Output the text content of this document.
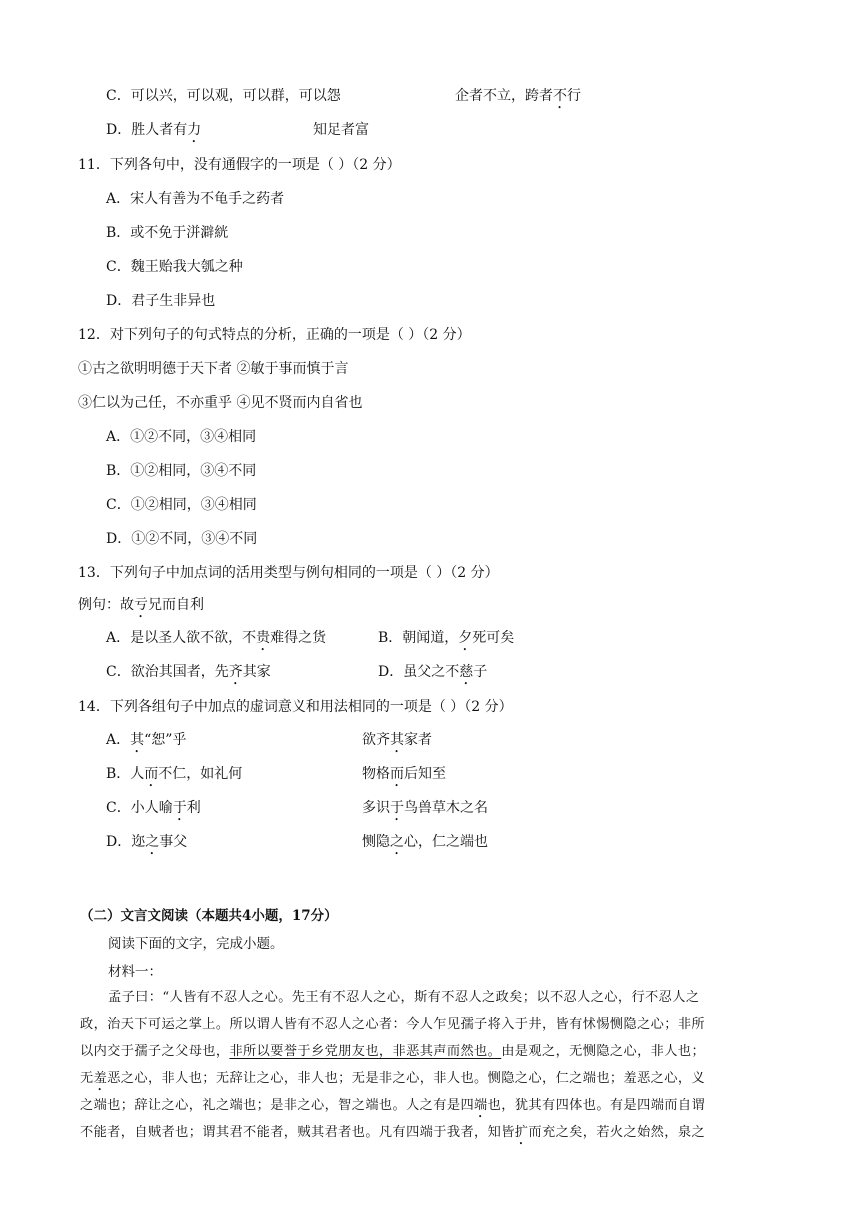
C．可以兴，可以观，可以群，可以怨	企者不立，跨者不行
D．胜人者有力	知足者富
11．下列各句中，没有通假字的一项是（ ）（2 分）
A．宋人有善为不龟手之药者
B．或不免于洴澼絖
C．魏王贻我大瓠之种
D．君子生非异也
12．对下列句子的句式特点的分析，正确的一项是（ ）（2 分）
①古之欲明明德于天下者 ②敏于事而慎于言
③仁以为己任，不亦重乎 ④见不贤而内自省也
A．①②不同，③④相同
B．①②相同，③④不同
C．①②相同，③④相同
D．①②不同，③④不同
13．下列句子中加点词的活用类型与例句相同的一项是（ ）（2 分）
例句：故亏兄而自利
A．是以圣人欲不欲，不贵难得之货	B．朝闻道，夕死可矣
C．欲治其国者，先齐其家	D．虽父之不慈子
14．下列各组句子中加点的虚词意义和用法相同的一项是（ ）（2 分）
A．其“恕”乎	欲齐其家者
B．人而不仁，如礼何	物格而后知至
C．小人喻于利	多识于鸟兽草木之名
D．迩之事父	恻隐之心，仁之端也
（二）文言文阅读（本题共4小题，17分）
阅读下面的文字，完成小题。
材料一：
孟子曰：“人皆有不忍人之心。先王有不忍人之心，斯有不忍人之政矣；以不忍人之心，行不忍人之
政，治天下可运之掌上。所以谓人皆有不忍人之心者：今人乍见孺子将入于井，皆有怵惕恻隐之心；非所
以内交于孺子之父母也，非所以要誉于乡党朋友也，非恶其声而然也。由是观之，无恻隐之心，非人也；
无羞恶之心，非人也；无辞让之心，非人也；无是非之心，非人也。恻隐之心，仁之端也；羞恶之心，义
之端也；辞让之心，礼之端也；是非之心，智之端也。人之有是四端也，犹其有四体也。有是四端而自谓
不能者，自贼者也；谓其君不能者，贼其君者也。凡有四端于我者，知皆扩而充之矣，若火之始然，泉之
